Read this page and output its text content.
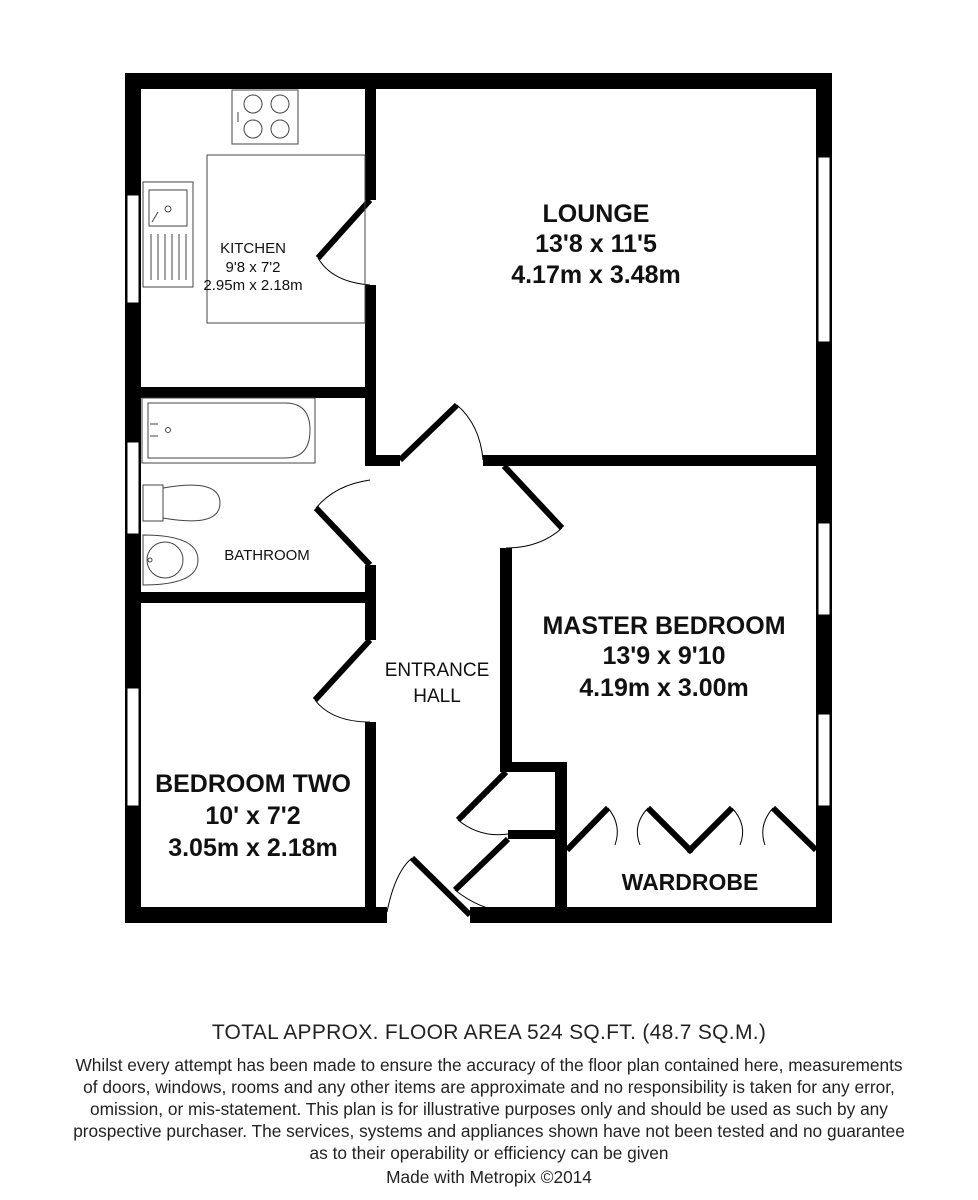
LOUNGE
13'8 x 11'5
4.17m x 3.48m
KITCHEN
9'8 x 7'2
2.95m x 2.18m
BATHROOM
ENTRANCE
HALL
MASTER BEDROOM
13'9 x 9'10
4.19m x 3.00m
BEDROOM TWO
10' x 7'2
3.05m x 2.18m
WARDROBE
TOTAL APPROX. FLOOR AREA 524 SQ.FT. (48.7 SQ.M.)
Whilst every attempt has been made to ensure the accuracy of the floor plan contained here, measurements
of doors, windows, rooms and any other items are approximate and no responsibility is taken for any error,
omission, or mis-statement. This plan is for illustrative purposes only and should be used as such by any
prospective purchaser. The services, systems and appliances shown have not been tested and no guarantee
as to their operability or efficiency can be given
Made with Metropix ©2014
